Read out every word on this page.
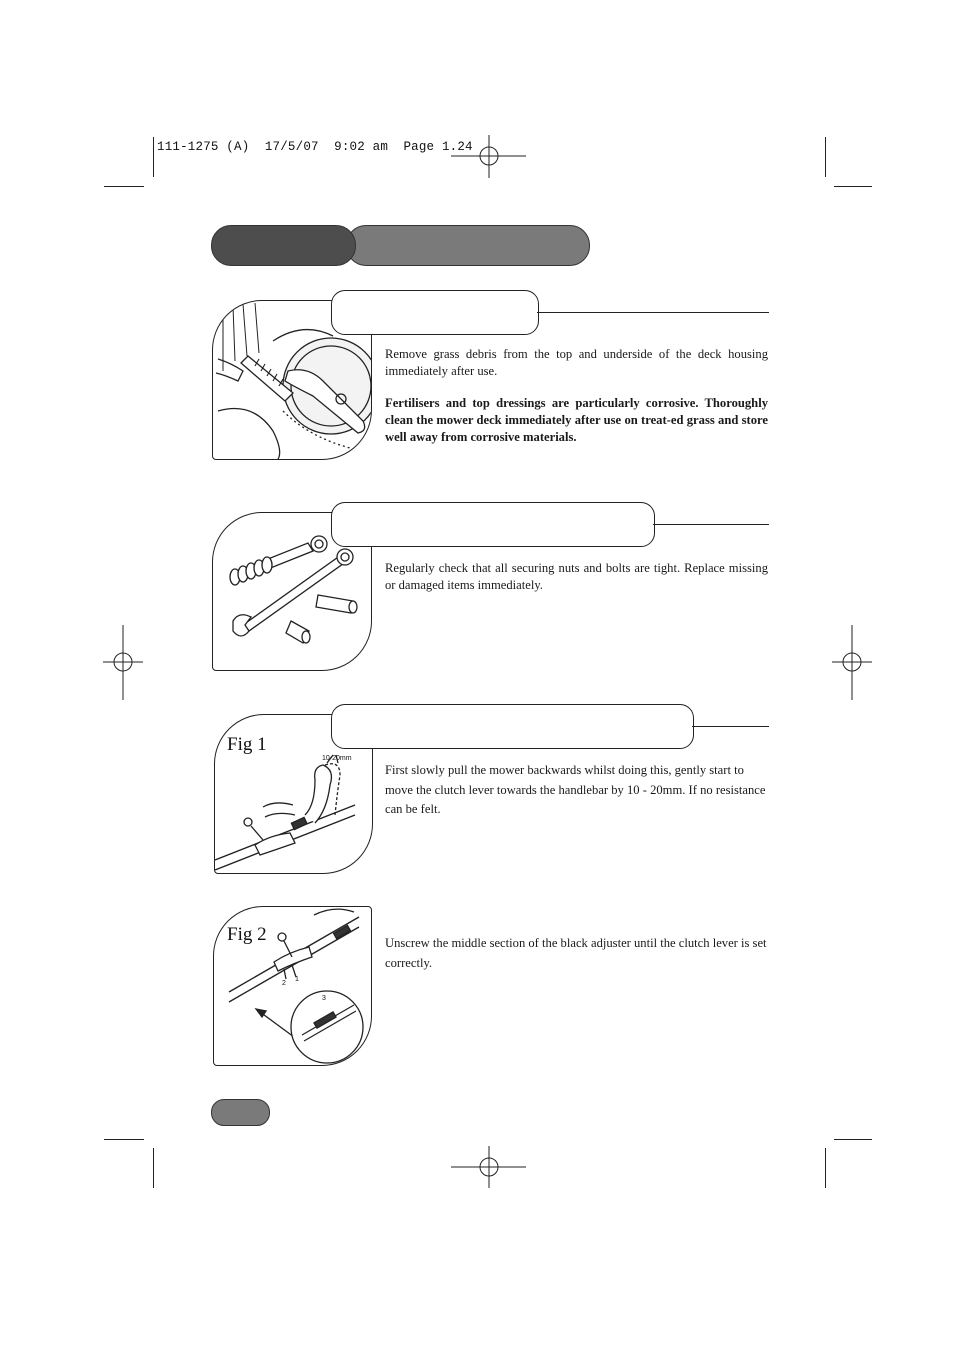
111-1275 (A)  17/5/07  9:02 am  Page 1.24

Remove grass debris from the top and underside of the deck housing immediately after use.

Fertilisers and top dressings are particularly corrosive. Thoroughly clean the mower deck immediately after use on treat-ed grass and store well away from corrosive materials.

Regularly check that all securing nuts and bolts are tight. Replace missing or damaged items immediately.

Fig 1
10-20mm

First slowly pull the mower backwards whilst doing this, gently start to move the clutch lever towards the handlebar by 10 - 20mm. If no resistance can be felt.

Fig 2
1
2
3

Unscrew the middle section of the black adjuster until the clutch lever is set correctly.
